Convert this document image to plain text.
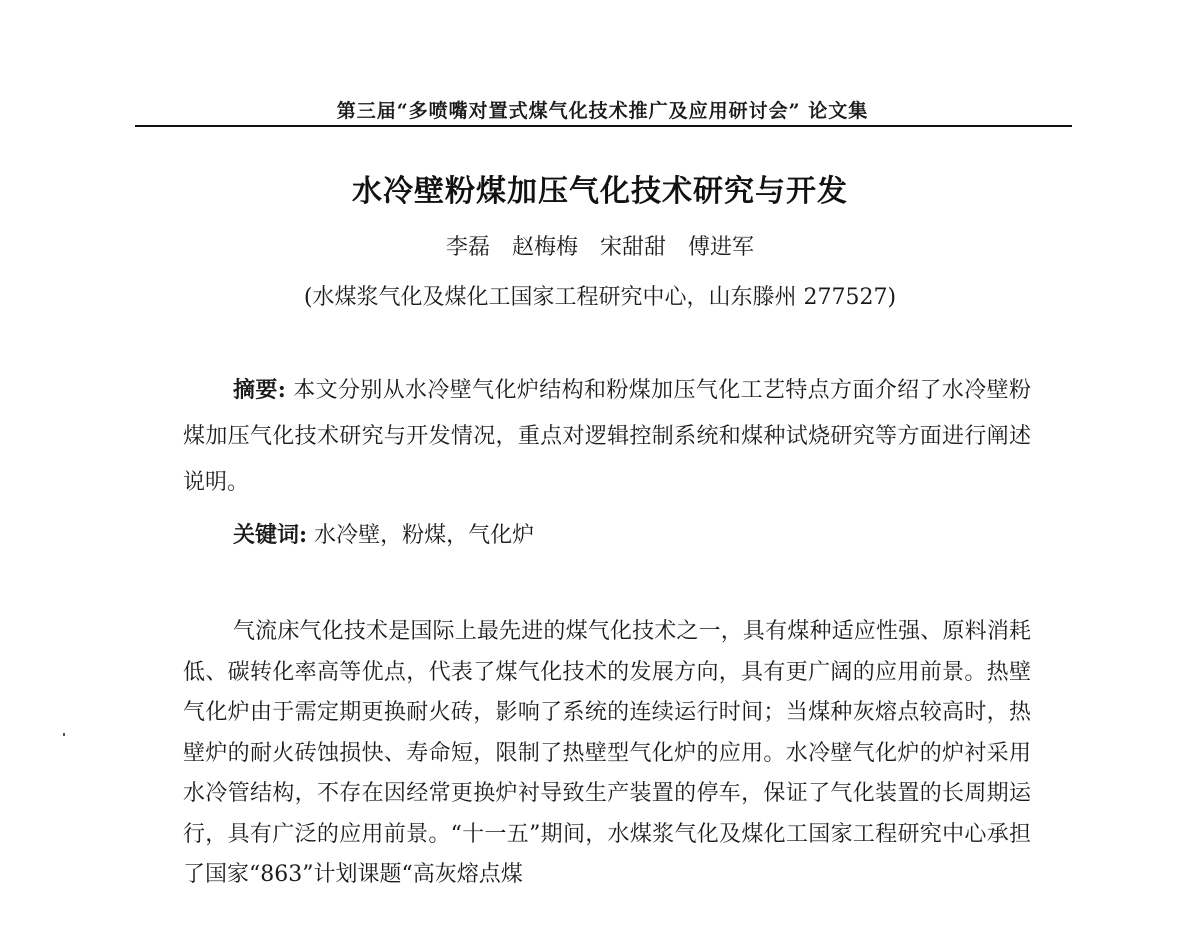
第三届“多喷嘴对置式煤气化技术推广及应用研讨会” 论文集
水冷壁粉煤加压气化技术研究与开发
李磊　赵梅梅　宋甜甜　傅进军
(水煤浆气化及煤化工国家工程研究中心，山东滕州 277527)

摘要: 本文分别从水冷壁气化炉结构和粉煤加压气化工艺特点方面介绍了水冷壁粉煤加压气化技术研究与开发情况，重点对逻辑控制系统和煤种试烧研究等方面进行阐述说明。

关键词: 水冷壁，粉煤，气化炉

气流床气化技术是国际上最先进的煤气化技术之一，具有煤种适应性强、原料消耗低、碳转化率高等优点，代表了煤气化技术的发展方向，具有更广阔的应用前景。热壁气化炉由于需定期更换耐火砖，影响了系统的连续运行时间；当煤种灰熔点较高时，热壁炉的耐火砖蚀损快、寿命短，限制了热壁型气化炉的应用。水冷壁气化炉的炉衬采用水冷管结构，不存在因经常更换炉衬导致生产装置的停车，保证了气化装置的长周期运行，具有广泛的应用前景。“十一五”期间，水煤浆气化及煤化工国家工程研究中心承担了国家“863”计划课题“高灰熔点煤
